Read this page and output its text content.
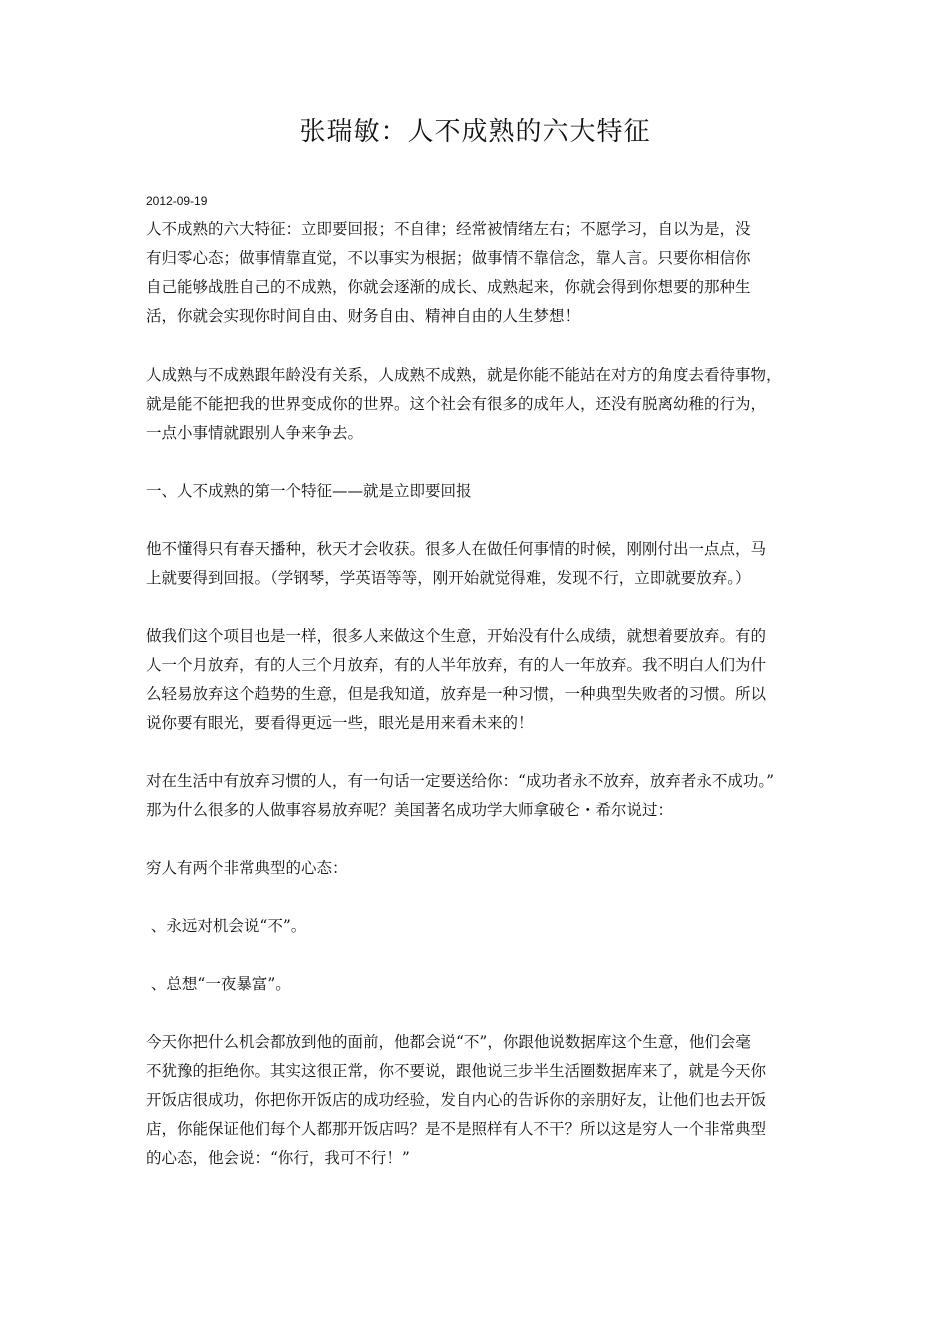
张瑞敏：人不成熟的六大特征
2012-09-19
人不成熟的六大特征：立即要回报；不自律；经常被情绪左右；不愿学习，自以为是，没
有归零心态；做事情靠直觉，不以事实为根据；做事情不靠信念，靠人言。只要你相信你
自己能够战胜自己的不成熟，你就会逐渐的成长、成熟起来，你就会得到你想要的那种生
活，你就会实现你时间自由、财务自由、精神自由的人生梦想！
人成熟与不成熟跟年龄没有关系，人成熟不成熟，就是你能不能站在对方的角度去看待事物，
就是能不能把我的世界变成你的世界。这个社会有很多的成年人，还没有脱离幼稚的行为，
一点小事情就跟别人争来争去。
一、人不成熟的第一个特征——就是立即要回报
他不懂得只有春天播种，秋天才会收获。很多人在做任何事情的时候，刚刚付出一点点，马
上就要得到回报。（学钢琴，学英语等等，刚开始就觉得难，发现不行，立即就要放弃。）
做我们这个项目也是一样，很多人来做这个生意，开始没有什么成绩，就想着要放弃。有的
人一个月放弃，有的人三个月放弃，有的人半年放弃，有的人一年放弃。我不明白人们为什
么轻易放弃这个趋势的生意，但是我知道，放弃是一种习惯，一种典型失败者的习惯。所以
说你要有眼光，要看得更远一些，眼光是用来看未来的！
对在生活中有放弃习惯的人，有一句话一定要送给你：“成功者永不放弃，放弃者永不成功。”
那为什么很多的人做事容易放弃呢？美国著名成功学大师拿破仑・希尔说过：
穷人有两个非常典型的心态：
、永远对机会说“不”。
、总想“一夜暴富”。
今天你把什么机会都放到他的面前，他都会说“不”，你跟他说数据库这个生意，他们会毫
不犹豫的拒绝你。其实这很正常，你不要说，跟他说三步半生活圈数据库来了，就是今天你
开饭店很成功，你把你开饭店的成功经验，发自内心的告诉你的亲朋好友，让他们也去开饭
店，你能保证他们每个人都那开饭店吗？是不是照样有人不干？所以这是穷人一个非常典型
的心态，他会说：“你行，我可不行！”
